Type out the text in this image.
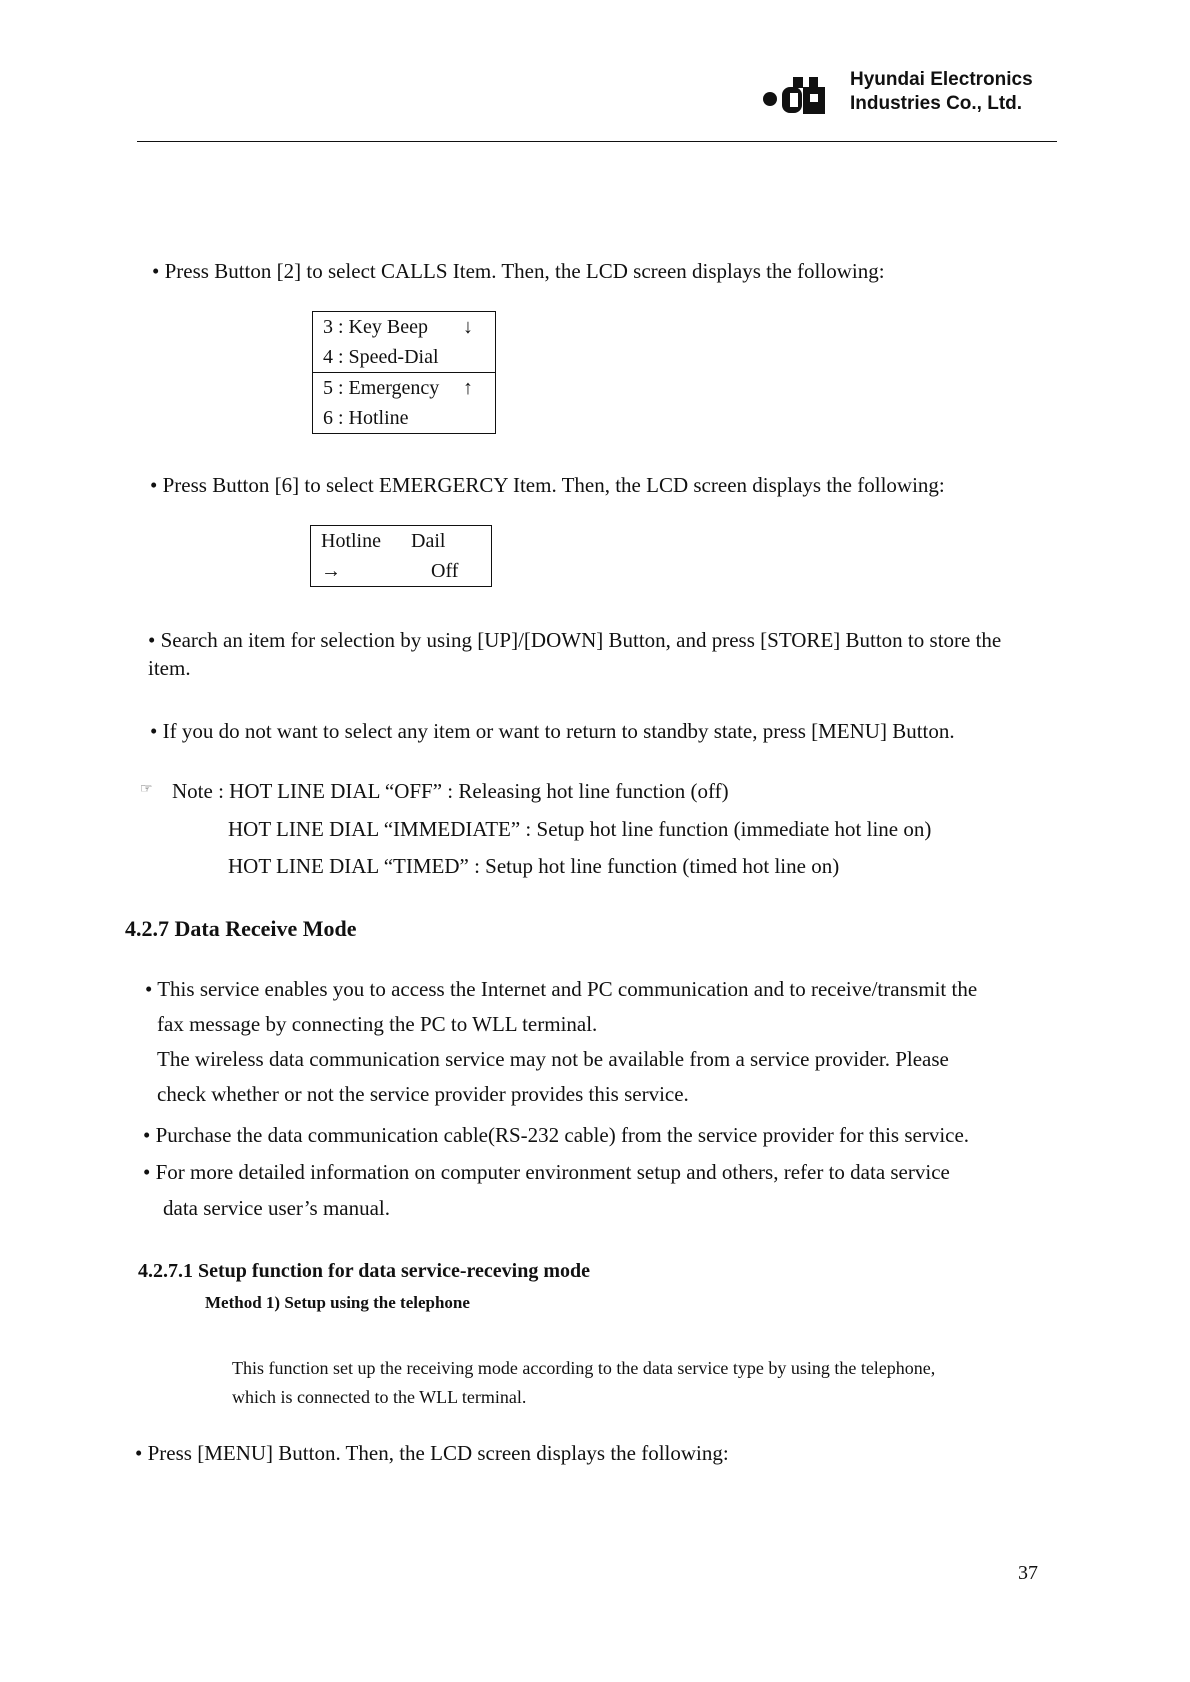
Hyundai Electronics
Industries Co., Ltd.
• Press Button [2] to select CALLS Item. Then, the LCD screen displays the following:
3 : Key Beep ↓
4 : Speed-Dial
5 : Emergency ↑
6 : Hotline
• Press Button [6] to select EMERGERCY Item. Then, the LCD screen displays the following:
Hotline Dail
→	Off
• Search an item for selection by using [UP]/[DOWN] Button, and press [STORE] Button to store the
item.
• If you do not want to select any item or want to return to standby state, press [MENU] Button.
☞ Note : HOT LINE DIAL “OFF” : Releasing hot line function (off)
HOT LINE DIAL “IMMEDIATE” : Setup hot line function (immediate hot line on)
HOT LINE DIAL “TIMED” : Setup hot line function (timed hot line on)
4.2.7 Data Receive Mode
• This service enables you to access the Internet and PC communication and to receive/transmit the
fax message by connecting the PC to WLL terminal.
The wireless data communication service may not be available from a service provider. Please
check whether or not the service provider provides this service.
• Purchase the data communication cable(RS-232 cable) from the service provider for this service.
• For more detailed information on computer environment setup and others, refer to data service
data service user’s manual.
4.2.7.1 Setup function for data service-receving mode
Method 1) Setup using the telephone
This function set up the receiving mode according to the data service type by using the telephone,
which is connected to the WLL terminal.
• Press [MENU] Button. Then, the LCD screen displays the following:
37
